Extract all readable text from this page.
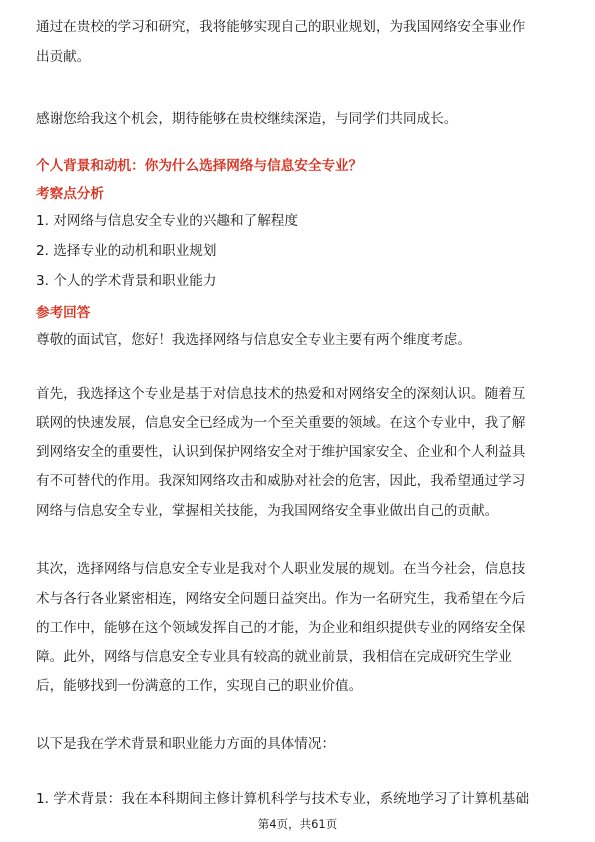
通过在贵校的学习和研究，我将能够实现自己的职业规划，为我国网络安全事业作
出贡献。
感谢您给我这个机会，期待能够在贵校继续深造，与同学们共同成长。
个人背景和动机：你为什么选择网络与信息安全专业？
考察点分析
1. 对网络与信息安全专业的兴趣和了解程度
2. 选择专业的动机和职业规划
3. 个人的学术背景和职业能力
参考回答
尊敬的面试官，您好！我选择网络与信息安全专业主要有两个维度考虑。
首先，我选择这个专业是基于对信息技术的热爱和对网络安全的深刻认识。随着互
联网的快速发展，信息安全已经成为一个至关重要的领域。在这个专业中，我了解
到网络安全的重要性，认识到保护网络安全对于维护国家安全、企业和个人利益具
有不可替代的作用。我深知网络攻击和威胁对社会的危害，因此，我希望通过学习
网络与信息安全专业，掌握相关技能，为我国网络安全事业做出自己的贡献。
其次，选择网络与信息安全专业是我对个人职业发展的规划。在当今社会，信息技
术与各行各业紧密相连，网络安全问题日益突出。作为一名研究生，我希望在今后
的工作中，能够在这个领域发挥自己的才能，为企业和组织提供专业的网络安全保
障。此外，网络与信息安全专业具有较高的就业前景，我相信在完成研究生学业
后，能够找到一份满意的工作，实现自己的职业价值。
以下是我在学术背景和职业能力方面的具体情况：
1. 学术背景：我在本科期间主修计算机科学与技术专业，系统地学习了计算机基础
第4页，共61页
